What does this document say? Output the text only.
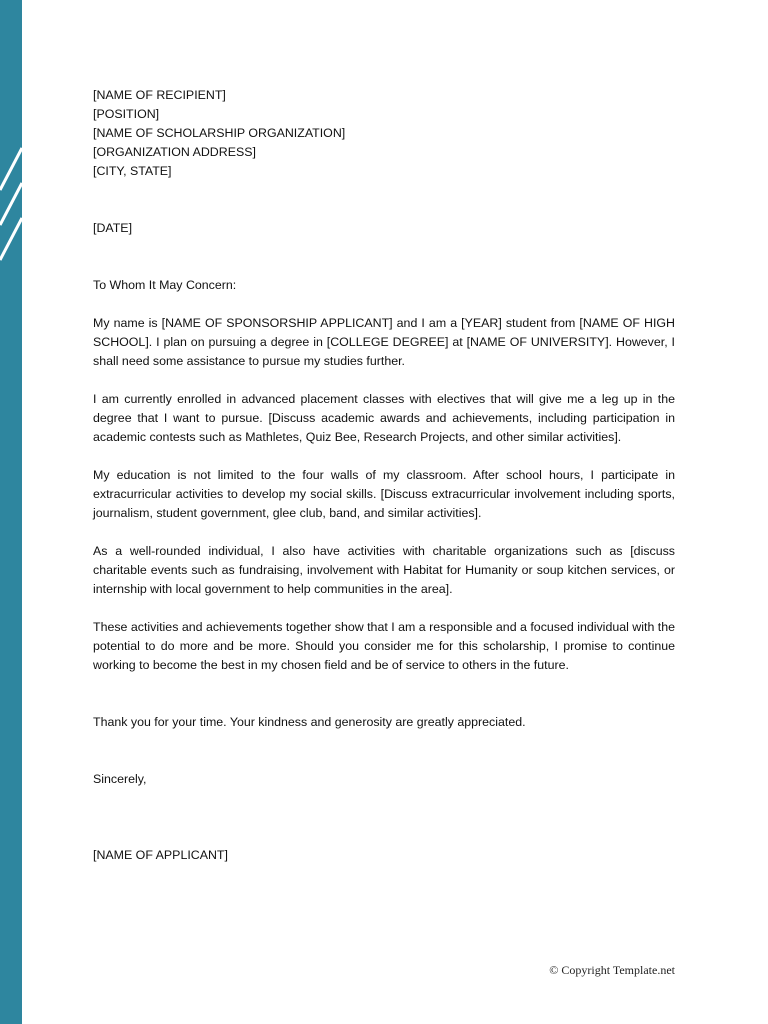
[NAME OF RECIPIENT]
[POSITION]
[NAME OF SCHOLARSHIP ORGANIZATION]
[ORGANIZATION ADDRESS]
[CITY, STATE]
[DATE]
To Whom It May Concern:

My name is [NAME OF SPONSORSHIP APPLICANT] and I am a [YEAR] student from [NAME OF HIGH SCHOOL]. I plan on pursuing a degree in [COLLEGE DEGREE] at [NAME OF UNIVERSITY]. However, I shall need some assistance to pursue my studies further.

I am currently enrolled in advanced placement classes with electives that will give me a leg up in the degree that I want to pursue. [Discuss academic awards and achievements, including participation in academic contests such as Mathletes, Quiz Bee, Research Projects, and other similar activities].

My education is not limited to the four walls of my classroom. After school hours, I participate in extracurricular activities to develop my social skills. [Discuss extracurricular involvement including sports, journalism, student government, glee club, band, and similar activities].

As a well-rounded individual, I also have activities with charitable organizations such as [discuss charitable events such as fundraising, involvement with Habitat for Humanity or soup kitchen services, or internship with local government to help communities in the area].

These activities and achievements together show that I am a responsible and a focused individual with the potential to do more and be more. Should you consider me for this scholarship, I promise to continue working to become the best in my chosen field and be of service to others in the future.

Thank you for your time. Your kindness and generosity are greatly appreciated.
Sincerely,
[NAME OF APPLICANT]
© Copyright Template.net
